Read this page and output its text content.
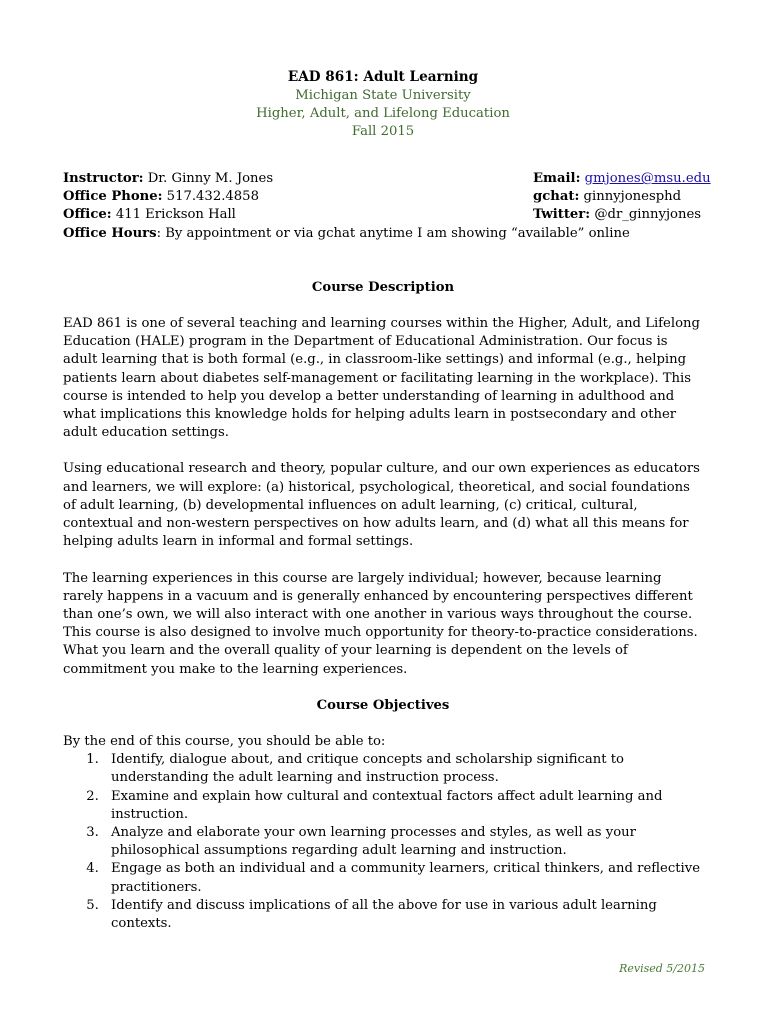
EAD 861: Adult Learning
Michigan State University
Higher, Adult, and Lifelong Education
Fall 2015
Instructor: Dr. Ginny M. Jones	Email: gmjones@msu.edu
Office Phone: 517.432.4858	gchat: ginnyjonesphd
Office: 411 Erickson Hall	Twitter: @dr_ginnyjones
Office Hours: By appointment or via gchat anytime I am showing “available” online
Course Description

EAD 861 is one of several teaching and learning courses within the Higher, Adult, and Lifelong Education (HALE) program in the Department of Educational Administration. Our focus is adult learning that is both formal (e.g., in classroom-like settings) and informal (e.g., helping patients learn about diabetes self-management or facilitating learning in the workplace). This course is intended to help you develop a better understanding of learning in adulthood and what implications this knowledge holds for helping adults learn in postsecondary and other adult education settings.

Using educational research and theory, popular culture, and our own experiences as educators and learners, we will explore: (a) historical, psychological, theoretical, and social foundations of adult learning, (b) developmental influences on adult learning, (c) critical, cultural, contextual and non-western perspectives on how adults learn, and (d) what all this means for helping adults learn in informal and formal settings.

The learning experiences in this course are largely individual; however, because learning rarely happens in a vacuum and is generally enhanced by encountering perspectives different than one’s own, we will also interact with one another in various ways throughout the course. This course is also designed to involve much opportunity for theory-to-practice considerations. What you learn and the overall quality of your learning is dependent on the levels of commitment you make to the learning experiences.

Course Objectives

By the end of this course, you should be able to:

1. Identify, dialogue about, and critique concepts and scholarship significant to understanding the adult learning and instruction process.
2. Examine and explain how cultural and contextual factors affect adult learning and instruction.
3. Analyze and elaborate your own learning processes and styles, as well as your philosophical assumptions regarding adult learning and instruction.
4. Engage as both an individual and a community learners, critical thinkers, and reflective practitioners.
5. Identify and discuss implications of all the above for use in various adult learning contexts.
Revised 5/2015
